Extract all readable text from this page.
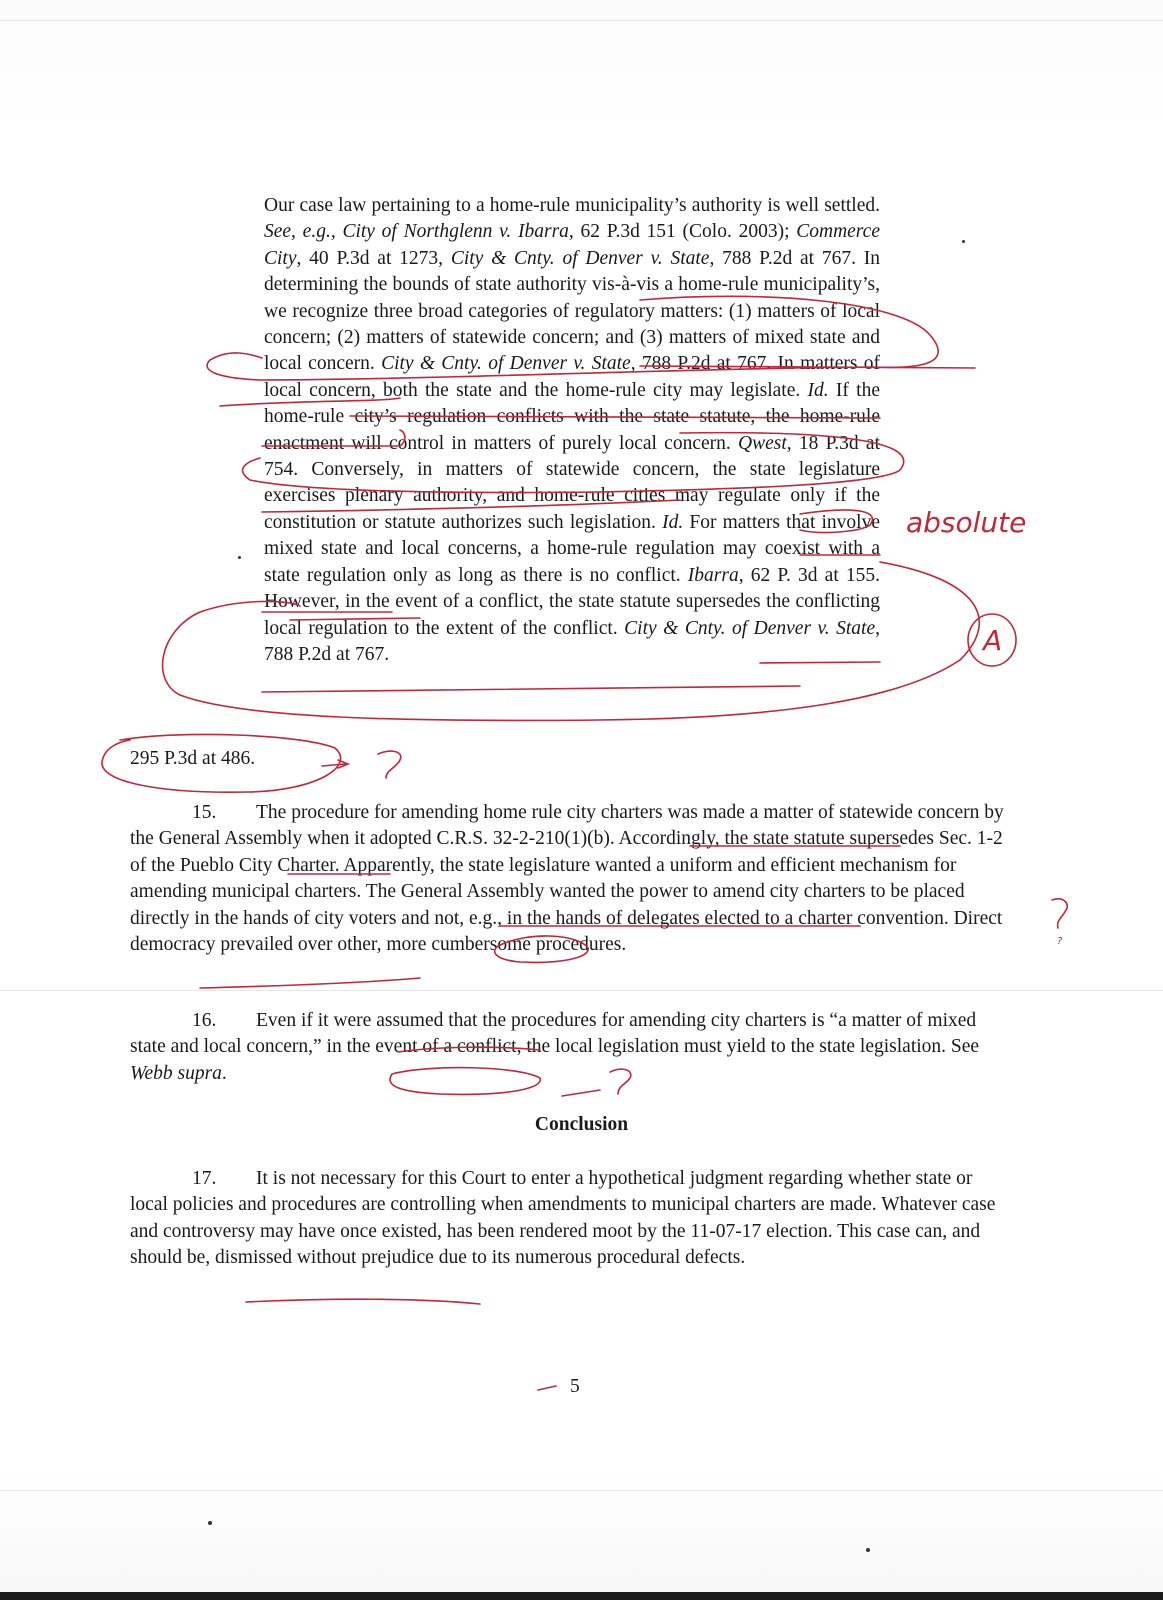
Our case law pertaining to a home-rule municipality’s authority is well settled. See, e.g., City of Northglenn v. Ibarra, 62 P.3d 151 (Colo. 2003); Commerce City, 40 P.3d at 1273, City & Cnty. of Denver v. State, 788 P.2d at 767. In determining the bounds of state authority vis-à-vis a home-rule municipality’s, we recognize three broad categories of regulatory matters: (1) matters of local concern; (2) matters of statewide concern; and (3) matters of mixed state and local concern. City & Cnty. of Denver v. State, 788 P.2d at 767. In matters of local concern, both the state and the home-rule city may legislate. Id. If the home-rule city’s regulation conflicts with the state statute, the home-rule enactment will control in matters of purely local concern. Qwest, 18 P.3d at 754. Conversely, in matters of statewide concern, the state legislature exercises plenary authority, and home-rule cities may regulate only if the constitution or statute authorizes such legislation. Id. For matters that involve mixed state and local concerns, a home-rule regulation may coexist with a state regulation only as long as there is no conflict. Ibarra, 62 P. 3d at 155. However, in the event of a conflict, the state statute supersedes the conflicting local regulation to the extent of the conflict. City & Cnty. of Denver v. State, 788 P.2d at 767.

295 P.3d at 486.

15. The procedure for amending home rule city charters was made a matter of statewide concern by the General Assembly when it adopted C.R.S. 32-2-210(1)(b). Accordingly, the state statute supersedes Sec. 1-2 of the Pueblo City Charter. Apparently, the state legislature wanted a uniform and efficient mechanism for amending municipal charters. The General Assembly wanted the power to amend city charters to be placed directly in the hands of city voters and not, e.g., in the hands of delegates elected to a charter convention. Direct democracy prevailed over other, more cumbersome procedures.

16. Even if it were assumed that the procedures for amending city charters is “a matter of mixed state and local concern,” in the event of a conflict, the local legislation must yield to the state legislation. See Webb supra.

Conclusion

17. It is not necessary for this Court to enter a hypothetical judgment regarding whether state or local policies and procedures are controlling when amendments to municipal charters are made. Whatever case and controversy may have once existed, has been rendered moot by the 11-07-17 election. This case can, and should be, dismissed without prejudice due to its numerous procedural defects.

5
absolute
A
?
